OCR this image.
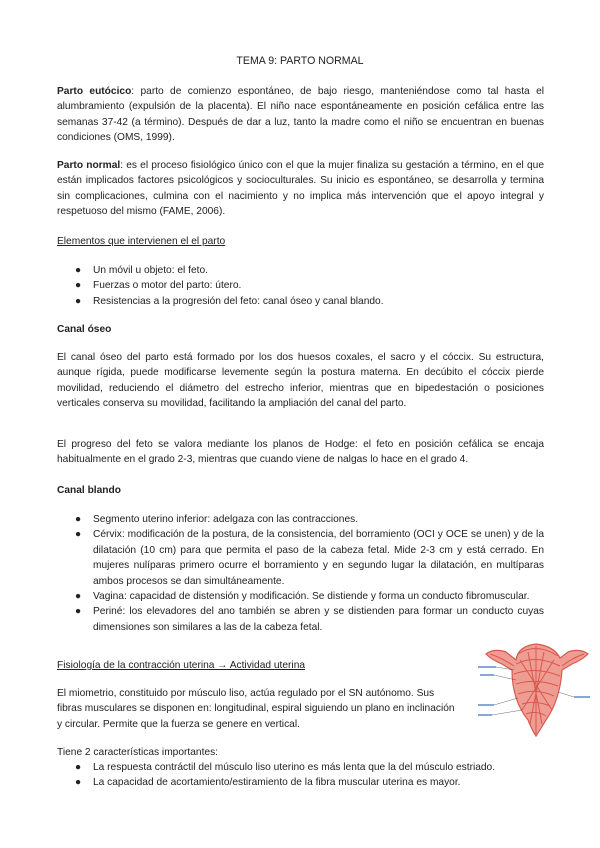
TEMA 9: PARTO NORMAL

Parto eutócico: parto de comienzo espontáneo, de bajo riesgo, manteniéndose como tal hasta el alumbramiento (expulsión de la placenta). El niño nace espontáneamente en posición cefálica entre las semanas 37-42 (a término). Después de dar a luz, tanto la madre como el niño se encuentran en buenas condiciones (OMS, 1999).

Parto normal: es el proceso fisiológico único con el que la mujer finaliza su gestación a término, en el que están implicados factores psicológicos y socioculturales. Su inicio es espontáneo, se desarrolla y termina sin complicaciones, culmina con el nacimiento y no implica más intervención que el apoyo integral y respetuoso del mismo (FAME, 2006).

Elementos que intervienen el el parto
● Un móvil u objeto: el feto.
● Fuerzas o motor del parto: útero.
● Resistencias a la progresión del feto: canal óseo y canal blando.
Canal óseo

El canal óseo del parto está formado por los dos huesos coxales, el sacro y el cóccix. Su estructura, aunque rígida, puede modificarse levemente según la postura materna. En decúbito el cóccix pierde movilidad, reduciendo el diámetro del estrecho inferior, mientras que en bipedestación o posiciones verticales conserva su movilidad, facilitando la ampliación del canal del parto.

El progreso del feto se valora mediante los planos de Hodge: el feto en posición cefálica se encaja habitualmente en el grado 2-3, mientras que cuando viene de nalgas lo hace en el grado 4.

Canal blando
● Segmento uterino inferior: adelgaza con las contracciones.
● Cérvix: modificación de la postura, de la consistencia, del borramiento (OCI y OCE se unen) y de la dilatación (10 cm) para que permita el paso de la cabeza fetal. Mide 2-3 cm y está cerrado. En mujeres nulíparas primero ocurre el borramiento y en segundo lugar la dilatación, en multíparas ambos procesos se dan simultáneamente.
● Vagina: capacidad de distensión y modificación. Se distiende y forma un conducto fibromuscular.
● Periné: los elevadores del ano también se abren y se distienden para formar un conducto cuyas dimensiones son similares a las de la cabeza fetal.
Fisiología de la contracción uterina → Actividad uterina

El miometrio, constituido por músculo liso, actúa regulado por el SN autónomo. Sus fibras musculares se disponen en: longitudinal, espiral siguiendo un plano en inclinación y circular. Permite que la fuerza se genere en vertical.

Tiene 2 características importantes:

● La respuesta contráctil del músculo liso uterino es más lenta que la del músculo estriado.
● La capacidad de acortamiento/estiramiento de la fibra muscular uterina es mayor.
